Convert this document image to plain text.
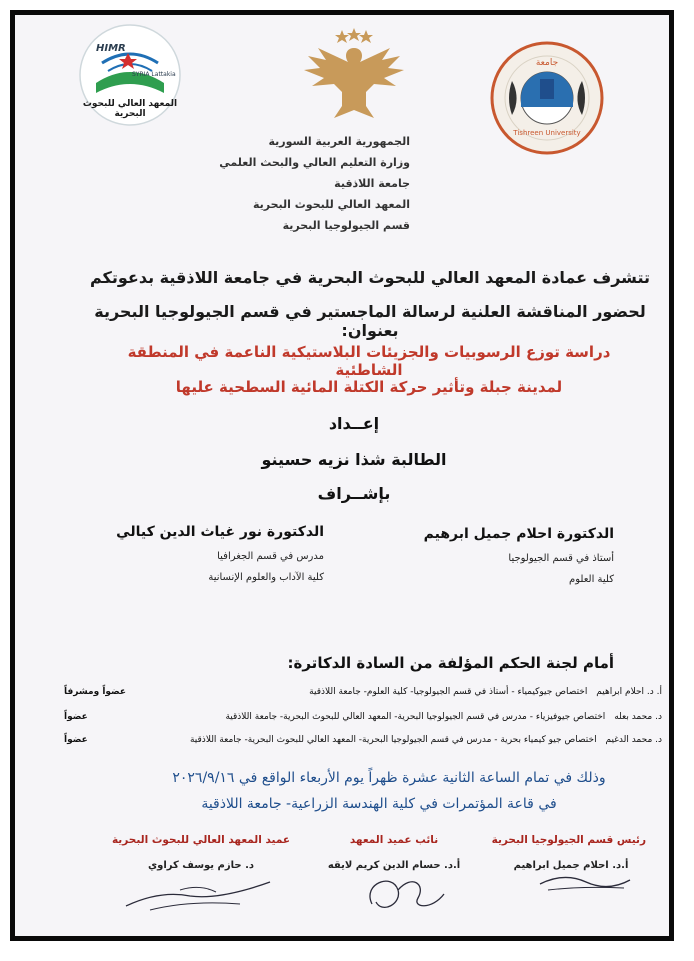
HIMR
SYRIA Lattakia
المعهد العالي للبحوث البحرية
جامعة
Tishreen University
الجمهورية العربية السورية
وزارة التعليم العالي والبحث العلمي
جامعة اللاذقية
المعهد العالي للبحوث البحرية
قسم الجيولوجيا البحرية
تتشرف عمادة المعهد العالي للبحوث البحرية في جامعة اللاذقية بدعوتكم
لحضور المناقشة العلنية لرسالة الماجستير في قسم الجيولوجيا البحرية بعنوان:
دراسة توزع الرسوبيات والجزيئات البلاستيكية الناعمة في المنطقة الشاطئية
لمدينة جبلة وتأثير حركة الكتلة المائية السطحية عليها
إعــداد
الطالبة شذا نزيه حسينو
بإشــراف
الدكتورة احلام جميل ابرهيم
أستاذ في قسم الجيولوجيا
كلية العلوم
الدكتورة نور غياث الدين كيالي
مدرس في قسم الجغرافيا
كلية الآداب والعلوم الإنسانية
أمام لجنة الحكم المؤلفة من السادة الدكاترة:
أ. د. احلام ابراهيم اختصاص جيوكيمياء - أستاذ في قسم الجيولوجيا- كلية العلوم- جامعة اللاذقية
عضواً ومشرفاً
د. محمد بعله اختصاص جيوفيزياء - مدرس في قسم الجيولوجيا البحرية- المعهد العالي للبحوث البحرية- جامعة اللاذقية
عضواً
د. محمد الدغيم اختصاص جيو كيمياء بحرية - مدرس في قسم الجيولوجيا البحرية- المعهد العالي للبحوث البحرية- جامعة اللاذقية
عضواً
وذلك في تمام الساعة الثانية عشرة ظهراً يوم الأربعاء الواقع في ٢٠٢٦/٩/١٦
في قاعة المؤتمرات في كلية الهندسة الزراعية- جامعة اللاذقية
رئيس قسم الجيولوجيا البحرية
أ.د. احلام جميل ابراهيم
نائب عميد المعهد
أ.د. حسام الدين كريم لايقه
عميد المعهد العالي للبحوث البحرية
د. حازم يوسف كراوي
